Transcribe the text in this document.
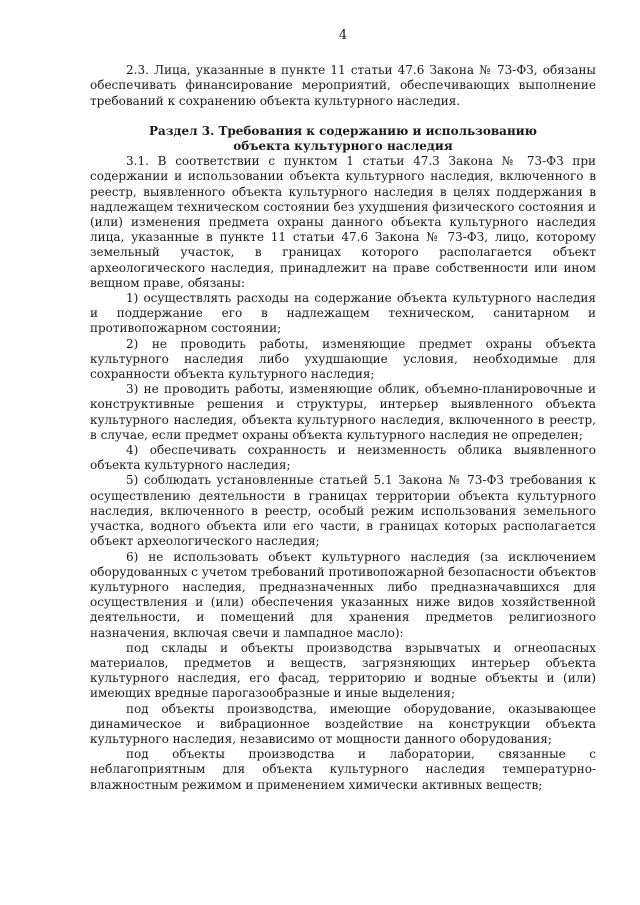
4

2.3. Лица, указанные в пункте 11 статьи 47.6 Закона № 73-ФЗ, обязаны обеспечивать финансирование мероприятий, обеспечивающих выполнение требований к сохранению объекта культурного наследия.

Раздел 3. Требования к содержанию и использованию
объекта культурного наследия

3.1. В соответствии с пунктом 1 статьи 47.3 Закона № 73-ФЗ при содержании и использовании объекта культурного наследия, включенного в реестр, выявленного объекта культурного наследия в целях поддержания в надлежащем техническом состоянии без ухудшения физического состояния и (или) изменения предмета охраны данного объекта культурного наследия лица, указанные в пункте 11 статьи 47.6 Закона № 73-ФЗ, лицо, которому земельный участок, в границах которого располагается объект археологического наследия, принадлежит на праве собственности или ином вещном праве, обязаны:

1) осуществлять расходы на содержание объекта культурного наследия и поддержание его в надлежащем техническом, санитарном и противопожарном состоянии;

2) не проводить работы, изменяющие предмет охраны объекта культурного наследия либо ухудшающие условия, необходимые для сохранности объекта культурного наследия;

3) не проводить работы, изменяющие облик, объемно-планировочные и конструктивные решения и структуры, интерьер выявленного объекта культурного наследия, объекта культурного наследия, включенного в реестр, в случае, если предмет охраны объекта культурного наследия не определен;

4) обеспечивать сохранность и неизменность облика выявленного объекта культурного наследия;

5) соблюдать установленные статьей 5.1 Закона № 73-ФЗ требования к осуществлению деятельности в границах территории объекта культурного наследия, включенного в реестр, особый режим использования земельного участка, водного объекта или его части, в границах которых располагается объект археологического наследия;

6) не использовать объект культурного наследия (за исключением оборудованных с учетом требований противопожарной безопасности объектов культурного наследия, предназначенных либо предназначавшихся для осуществления и (или) обеспечения указанных ниже видов хозяйственной деятельности, и помещений для хранения предметов религиозного назначения, включая свечи и лампадное масло):

под склады и объекты производства взрывчатых и огнеопасных материалов, предметов и веществ, загрязняющих интерьер объекта культурного наследия, его фасад, территорию и водные объекты и (или) имеющих вредные парогазообразные и иные выделения;

под объекты производства, имеющие оборудование, оказывающее динамическое и вибрационное воздействие на конструкции объекта культурного наследия, независимо от мощности данного оборудования;

под объекты производства и лаборатории, связанные с неблагоприятным для объекта культурного наследия температурно-влажностным режимом и применением химически активных веществ;
